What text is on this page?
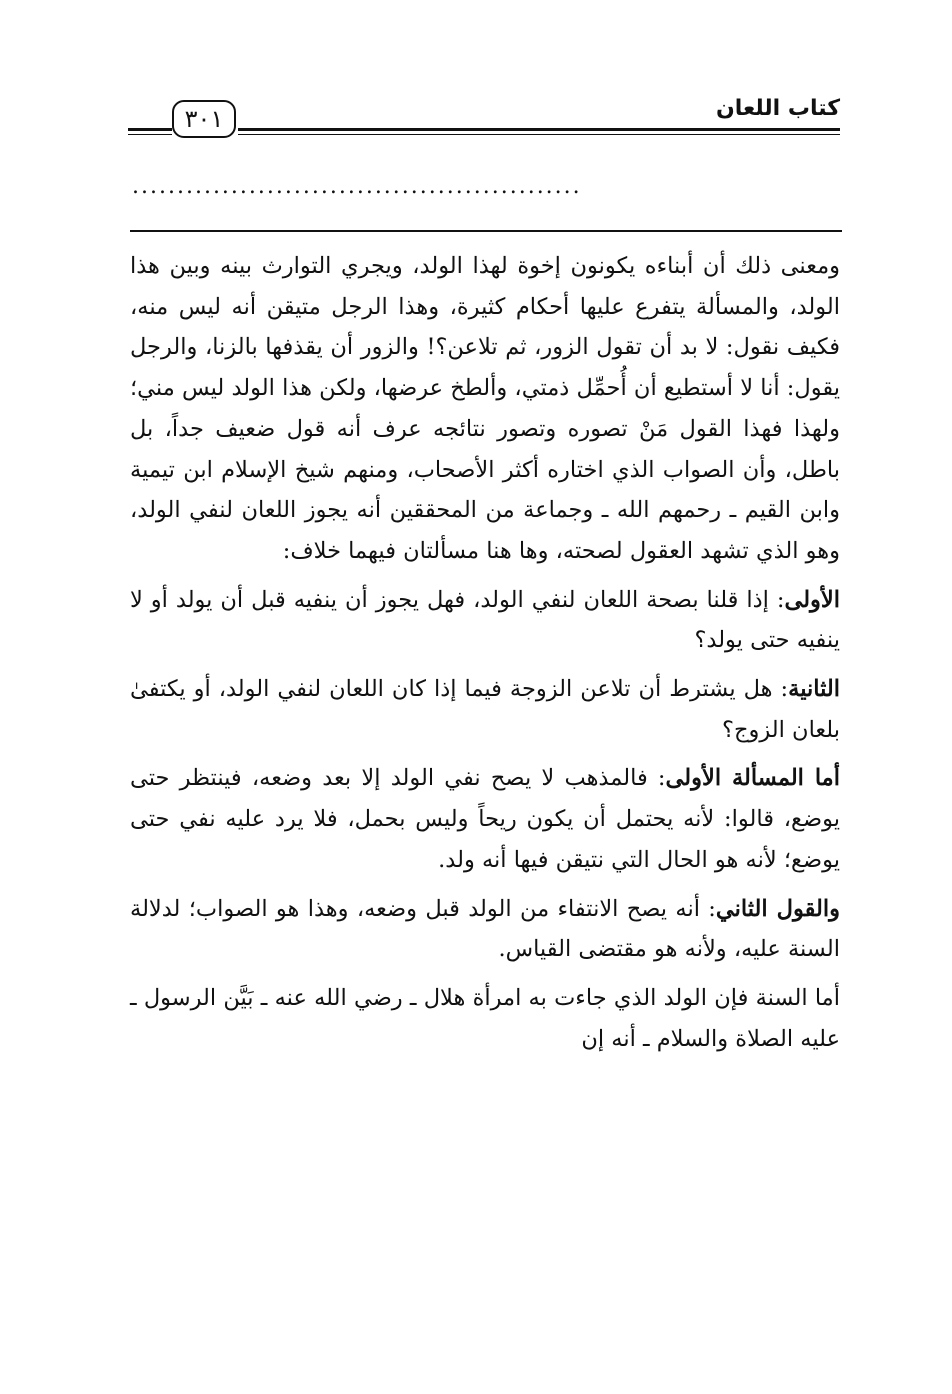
كتاب اللعان
٣٠١
..................................................

ومعنى ذلك أن أبناءه يكونون إخوة لهذا الولد، ويجري التوارث بينه وبين هذا الولد، والمسألة يتفرع عليها أحكام كثيرة، وهذا الرجل متيقن أنه ليس منه، فكيف نقول: لا بد أن تقول الزور، ثم تلاعن؟! والزور أن يقذفها بالزنا، والرجل يقول: أنا لا أستطيع أن أُحمِّل ذمتي، وألطخ عرضها، ولكن هذا الولد ليس مني؛ ولهذا فهذا القول مَنْ تصوره وتصور نتائجه عرف أنه قول ضعيف جداً، بل باطل، وأن الصواب الذي اختاره أكثر الأصحاب، ومنهم شيخ الإسلام ابن تيمية وابن القيم ـ رحمهم الله ـ وجماعة من المحققين أنه يجوز اللعان لنفي الولد، وهو الذي تشهد العقول لصحته، وها هنا مسألتان فيهما خلاف:

الأولى: إذا قلنا بصحة اللعان لنفي الولد، فهل يجوز أن ينفيه قبل أن يولد أو لا ينفيه حتى يولد؟

الثانية: هل يشترط أن تلاعن الزوجة فيما إذا كان اللعان لنفي الولد، أو يكتفىٰ بلعان الزوج؟

أما المسألة الأولى: فالمذهب لا يصح نفي الولد إلا بعد وضعه، فينتظر حتى يوضع، قالوا: لأنه يحتمل أن يكون ريحاً وليس بحمل، فلا يرد عليه نفي حتى يوضع؛ لأنه هو الحال التي نتيقن فيها أنه ولد.

والقول الثاني: أنه يصح الانتفاء من الولد قبل وضعه، وهذا هو الصواب؛ لدلالة السنة عليه، ولأنه هو مقتضى القياس.

أما السنة فإن الولد الذي جاءت به امرأة هلال ـ رضي الله عنه ـ بَيَّن الرسول ـ عليه الصلاة والسلام ـ أنه إن
